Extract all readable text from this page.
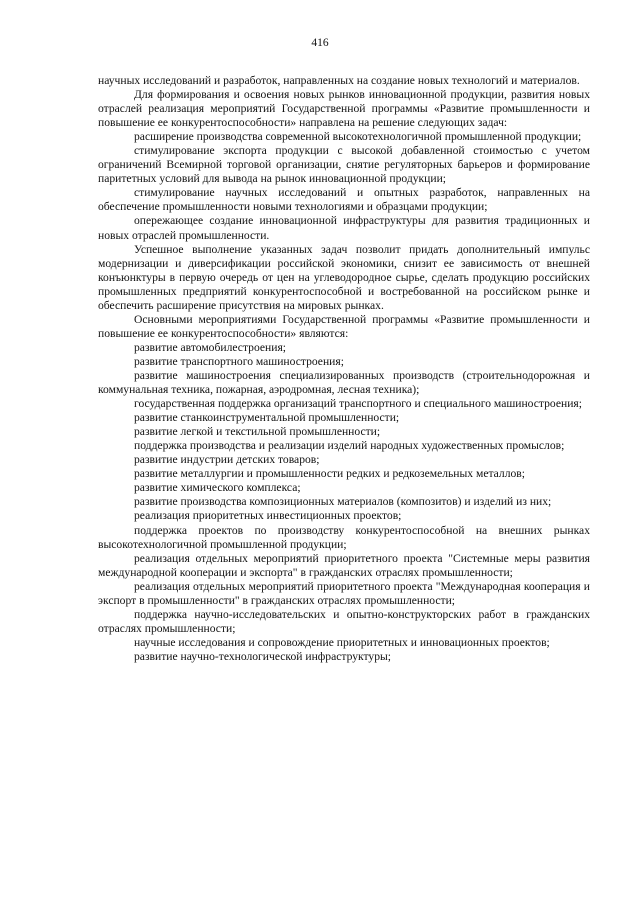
416

научных исследований и разработок, направленных на создание новых технологий и материалов.

Для формирования и освоения новых рынков инновационной продукции, развития новых отраслей реализация мероприятий Государственной программы «Развитие промышленности и повышение ее конкурентоспособности» направлена на решение следующих задач:

расширение производства современной высокотехнологичной промышленной продукции;

стимулирование экспорта продукции с высокой добавленной стоимостью с учетом ограничений Всемирной торговой организации, снятие регуляторных барьеров и формирование паритетных условий для вывода на рынок инновационной продукции;

стимулирование научных исследований и опытных разработок, направленных на обеспечение промышленности новыми технологиями и образцами продукции;

опережающее создание инновационной инфраструктуры для развития традиционных и новых отраслей промышленности.

Успешное выполнение указанных задач позволит придать дополнительный импульс модернизации и диверсификации российской экономики, снизит ее зависимость от внешней конъюнктуры в первую очередь от цен на углеводородное сырье, сделать продукцию российских промышленных предприятий конкурентоспособной и востребованной на российском рынке и обеспечить расширение присутствия на мировых рынках.

Основными мероприятиями Государственной программы «Развитие промышленности и повышение ее конкурентоспособности» являются:

развитие автомобилестроения;

развитие транспортного машиностроения;

развитие машиностроения специализированных производств (строительнодорожная и коммунальная техника, пожарная, аэродромная, лесная техника);

государственная поддержка организаций транспортного и специального машиностроения;

развитие станкоинструментальной промышленности;

развитие легкой и текстильной промышленности;

поддержка производства и реализации изделий народных художественных промыслов;

развитие индустрии детских товаров;

развитие металлургии и промышленности редких и редкоземельных металлов;

развитие химического комплекса;

развитие производства композиционных материалов (композитов) и изделий из них;

реализация приоритетных инвестиционных проектов;

поддержка проектов по производству конкурентоспособной на внешних рынках высокотехнологичной промышленной продукции;

реализация отдельных мероприятий приоритетного проекта "Системные меры развития международной кооперации и экспорта" в гражданских отраслях промышленности;

реализация отдельных мероприятий приоритетного проекта "Международная кооперация и экспорт в промышленности" в гражданских отраслях промышленности;

поддержка научно-исследовательских и опытно-конструкторских работ в гражданских отраслях промышленности;

научные исследования и сопровождение приоритетных и инновационных проектов;

развитие научно-технологической инфраструктуры;
